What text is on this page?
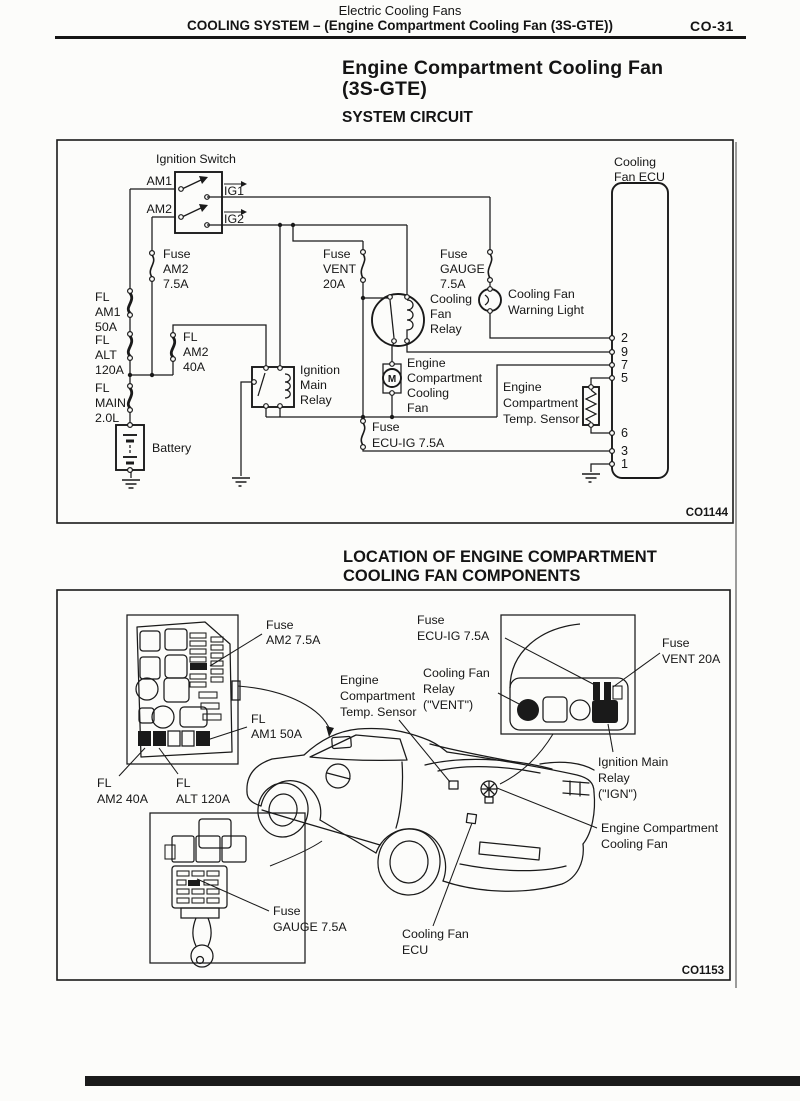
Electric Cooling Fans
COOLING SYSTEM – (Engine Compartment Cooling Fan (3S-GTE))	CO-31
Engine Compartment Cooling Fan
(3S-GTE)
SYSTEM CIRCUIT
LOCATION OF ENGINE COMPARTMENT
COOLING FAN COMPONENTS
M
Ignition Switch
AM1
AM2
IG1
IG2
Fuse
AM2
7.5A
FL
AM1
50A
FL
ALT
120A
FL
AM2
40A
FL
MAIN
2.0L
Battery
Ignition
Main
Relay
Fuse
VENT
20A
Fuse
GAUGE
7.5A
Cooling
Fan
Relay
Cooling Fan
Warning Light
Engine
Compartment
Cooling
Fan
Fuse
ECU-IG 7.5A
Engine
Compartment
Temp. Sensor
Cooling
Fan ECU
2
9
7
5
6
3
1
CO1144
Fuse
AM2 7.5A
FL
AM1 50A
Fuse
ECU-IG 7.5A
Cooling Fan
Relay
("VENT")
Fuse
VENT 20A
Ignition Main
Relay
("IGN")
Engine
Compartment
Temp. Sensor
FL
AM2 40A
FL
ALT 120A
Engine Compartment
Cooling Fan
Cooling Fan
ECU
Fuse
GAUGE 7.5A
CO1153
